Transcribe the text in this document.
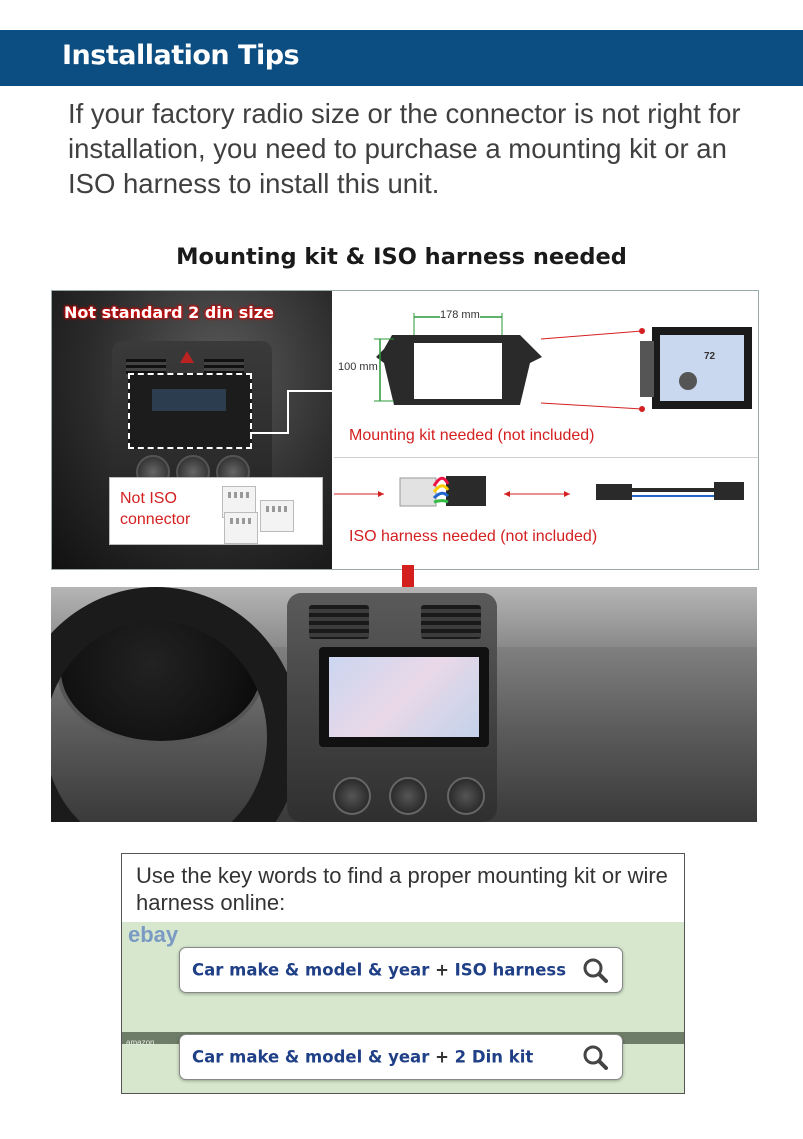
Installation Tips
If your factory radio size or the connector is not right for installation, you need to purchase a mounting kit or an ISO harness to install this unit.
Mounting kit & ISO harness needed
Not standard 2 din size
Not ISO
connector
178 mm
100 mm
72
Mounting kit needed (not included)
ISO harness needed (not included)
Use the key words to find a proper mounting kit or wire harness online:
ebay
amazon
Car make & model & year + ISO harness
Car make & model & year + 2 Din kit
